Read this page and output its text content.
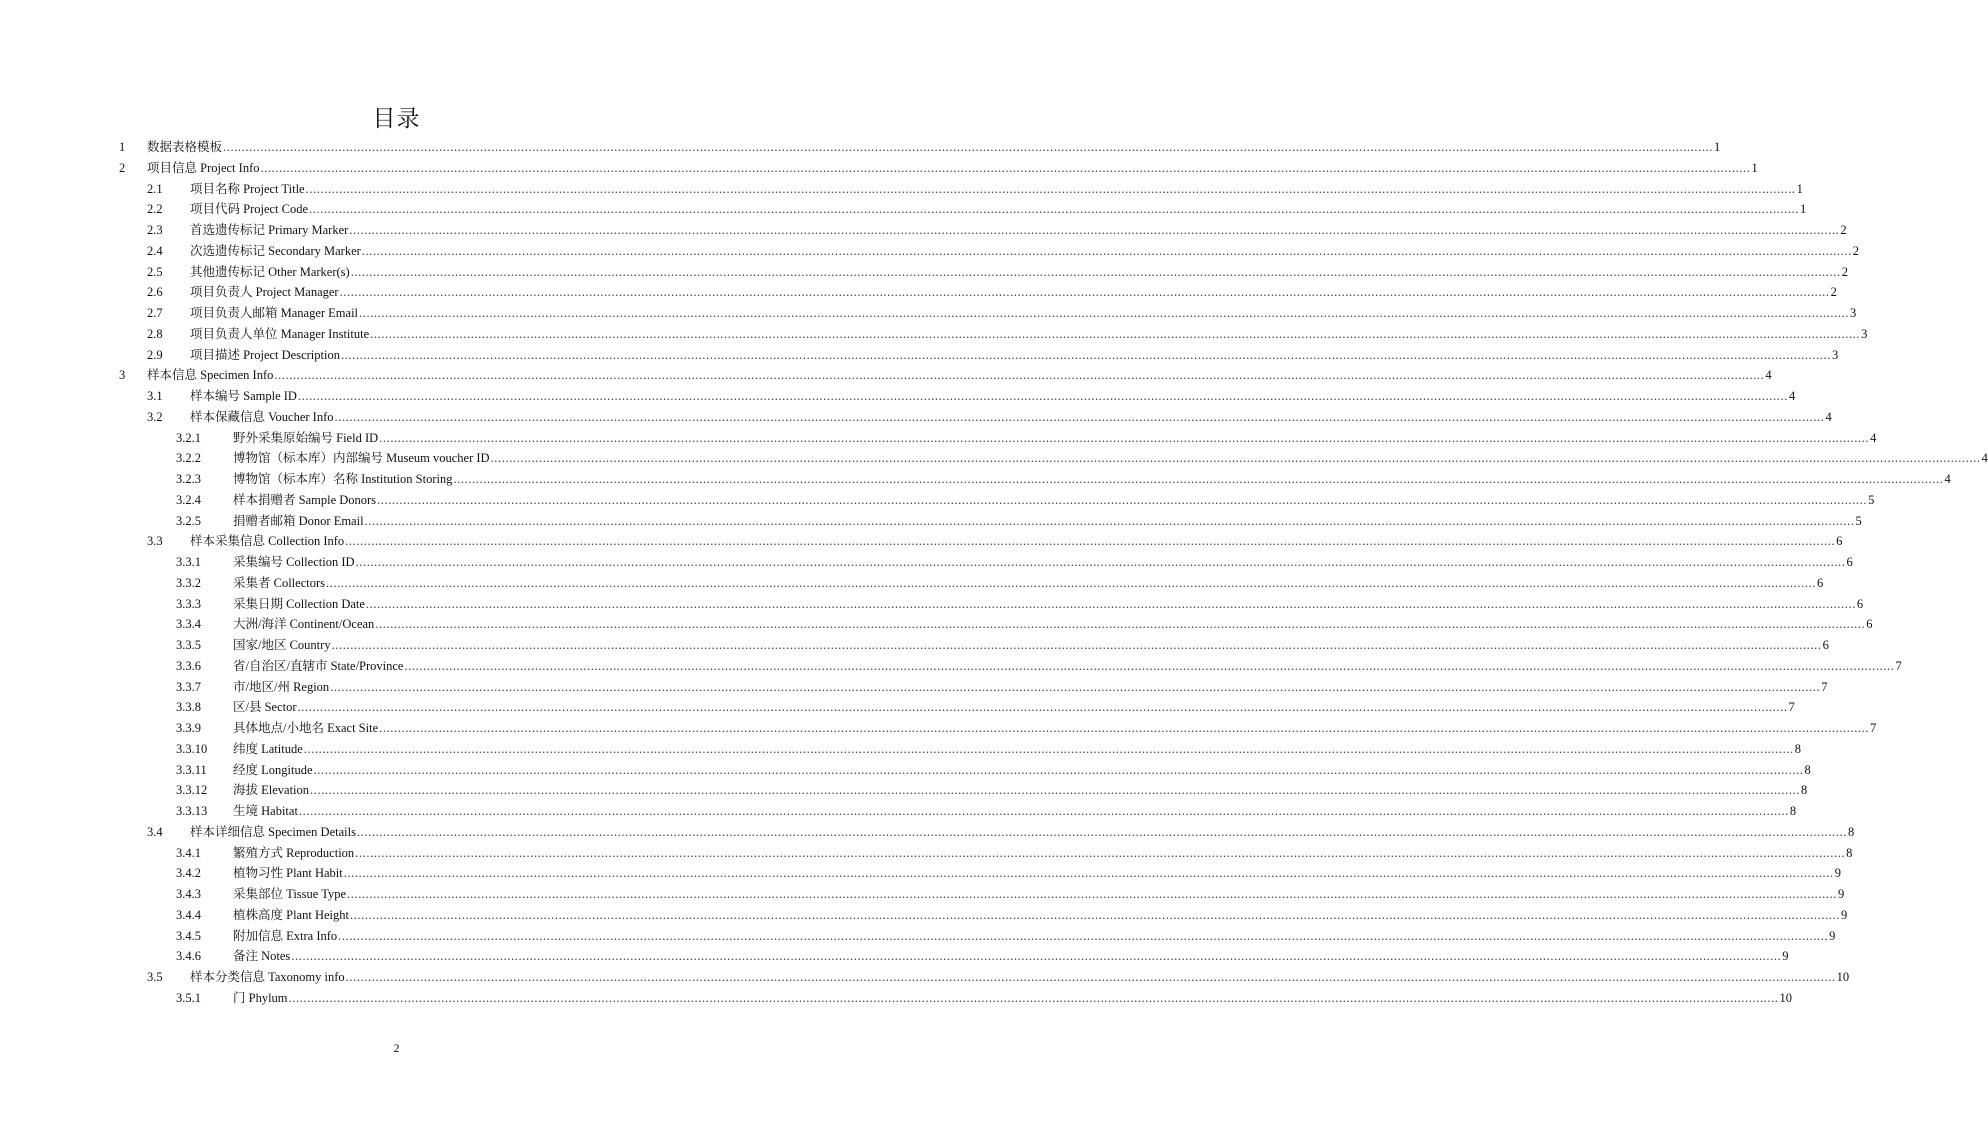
目录
1 数据表格模板 ................................................................................................................................................................................................................................................................................................................................................................................................................ 1
2 项目信息 Project Info ................................................................................................................................................................................................................................................................................................................................................................................................................ 1
2.1 项目名称 Project Title ................................................................................................................................................................................................................................................................................................................................................................................................................ 1
2.2 项目代码 Project Code ................................................................................................................................................................................................................................................................................................................................................................................................................ 1
2.3 首选遗传标记 Primary Marker ................................................................................................................................................................................................................................................................................................................................................................................................................ 2
2.4 次选遗传标记 Secondary Marker ................................................................................................................................................................................................................................................................................................................................................................................................................ 2
2.5 其他遗传标记 Other Marker(s) ................................................................................................................................................................................................................................................................................................................................................................................................................ 2
2.6 项目负责人 Project Manager ................................................................................................................................................................................................................................................................................................................................................................................................................ 2
2.7 项目负责人邮箱 Manager Email ................................................................................................................................................................................................................................................................................................................................................................................................................ 3
2.8 项目负责人单位 Manager Institute ................................................................................................................................................................................................................................................................................................................................................................................................................ 3
2.9 项目描述 Project Description ................................................................................................................................................................................................................................................................................................................................................................................................................ 3
3 样本信息 Specimen Info ................................................................................................................................................................................................................................................................................................................................................................................................................ 4
3.1 样本编号 Sample ID ................................................................................................................................................................................................................................................................................................................................................................................................................ 4
3.2 样本保藏信息 Voucher Info ................................................................................................................................................................................................................................................................................................................................................................................................................ 4
3.2.1	野外采集原始编号 Field ID ................................................................................................................................................................................................................................................................................................................................................................................................................ 4
3.2.2	博物馆（标本库）内部编号 Museum voucher ID ................................................................................................................................................................................................................................................................................................................................................................................................................ 4
3.2.3	博物馆（标本库）名称 Institution Storing ................................................................................................................................................................................................................................................................................................................................................................................................................ 4
3.2.4	样本捐赠者 Sample Donors ................................................................................................................................................................................................................................................................................................................................................................................................................ 5
3.2.5	捐赠者邮箱 Donor Email ................................................................................................................................................................................................................................................................................................................................................................................................................ 5
3.3 样本采集信息 Collection Info ................................................................................................................................................................................................................................................................................................................................................................................................................ 6
3.3.1	采集编号 Collection ID ................................................................................................................................................................................................................................................................................................................................................................................................................ 6
3.3.2	采集者 Collectors ................................................................................................................................................................................................................................................................................................................................................................................................................ 6
3.3.3	采集日期 Collection Date ................................................................................................................................................................................................................................................................................................................................................................................................................ 6
3.3.4	大洲/海洋 Continent/Ocean ................................................................................................................................................................................................................................................................................................................................................................................................................ 6
3.3.5	国家/地区 Country ................................................................................................................................................................................................................................................................................................................................................................................................................ 6
3.3.6	省/自治区/直辖市 State/Province ................................................................................................................................................................................................................................................................................................................................................................................................................ 7
3.3.7	市/地区/州 Region ................................................................................................................................................................................................................................................................................................................................................................................................................ 7
3.3.8	区/县 Sector ................................................................................................................................................................................................................................................................................................................................................................................................................ 7
3.3.9	具体地点/小地名 Exact Site ................................................................................................................................................................................................................................................................................................................................................................................................................ 7
3.3.10 纬度 Latitude ................................................................................................................................................................................................................................................................................................................................................................................................................ 8
3.3.11 经度 Longitude ................................................................................................................................................................................................................................................................................................................................................................................................................ 8
3.3.12 海拔 Elevation ................................................................................................................................................................................................................................................................................................................................................................................................................ 8
3.3.13 生境 Habitat ................................................................................................................................................................................................................................................................................................................................................................................................................ 8
3.4 样本详细信息 Specimen Details ................................................................................................................................................................................................................................................................................................................................................................................................................ 8
3.4.1	繁殖方式 Reproduction ................................................................................................................................................................................................................................................................................................................................................................................................................ 8
3.4.2	植物习性 Plant Habit ................................................................................................................................................................................................................................................................................................................................................................................................................ 9
3.4.3	采集部位 Tissue Type ................................................................................................................................................................................................................................................................................................................................................................................................................ 9
3.4.4	植株高度 Plant Height ................................................................................................................................................................................................................................................................................................................................................................................................................ 9
3.4.5	附加信息 Extra Info ................................................................................................................................................................................................................................................................................................................................................................................................................ 9
3.4.6	备注 Notes ................................................................................................................................................................................................................................................................................................................................................................................................................ 9
3.5 样本分类信息 Taxonomy info ................................................................................................................................................................................................................................................................................................................................................................................................................ 10
3.5.1	门 Phylum ................................................................................................................................................................................................................................................................................................................................................................................................................ 10
2
